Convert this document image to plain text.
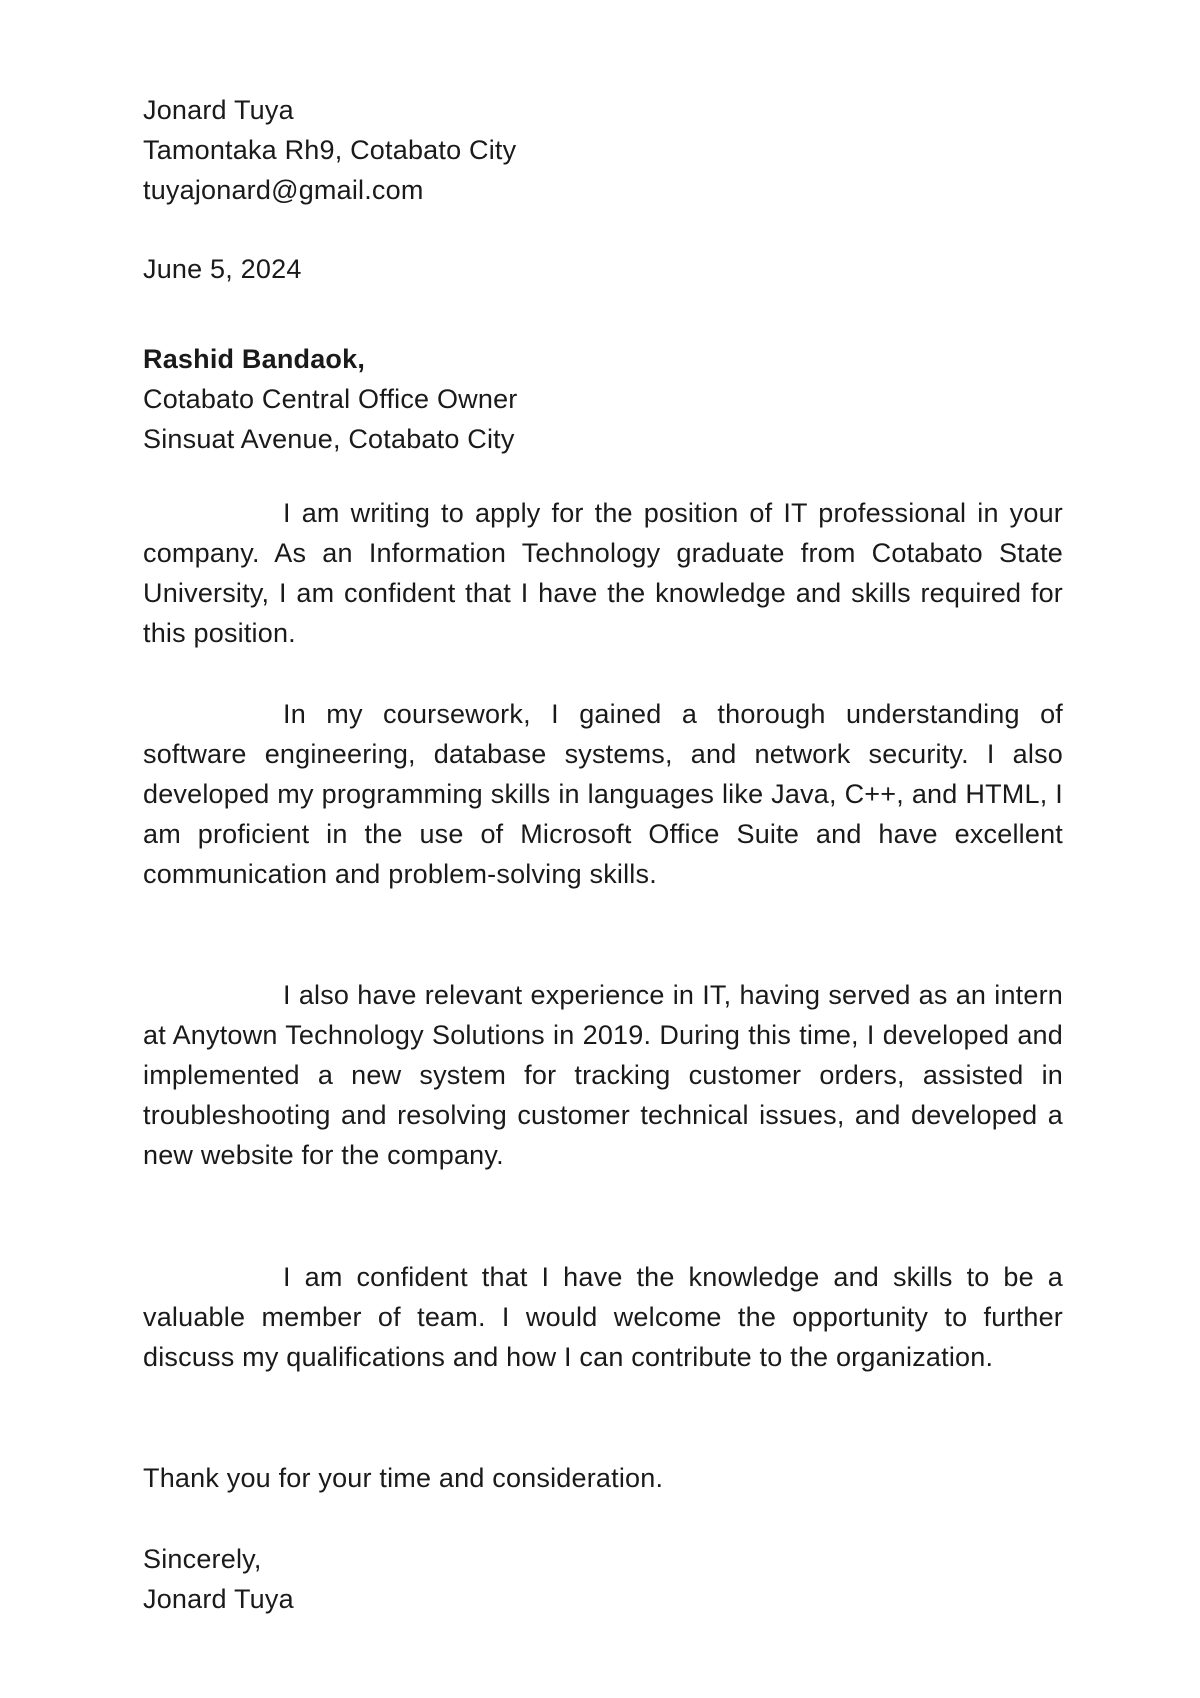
Jonard Tuya
Tamontaka Rh9, Cotabato City
tuyajonard@gmail.com
June 5, 2024
Rashid Bandaok,
Cotabato Central Office Owner
Sinsuat Avenue, Cotabato City
I am writing to apply for the position of IT professional in your company. As an Information Technology graduate from Cotabato State University, I am confident that I have the knowledge and skills required for this position.
In my coursework, I gained a thorough understanding of software engineering, database systems, and network security. I also developed my programming skills in languages like Java, C++, and HTML, I am proficient in the use of Microsoft Office Suite and have excellent communication and problem-solving skills.
I also have relevant experience in IT, having served as an intern at Anytown Technology Solutions in 2019. During this time, I developed and implemented a new system for tracking customer orders, assisted in troubleshooting and resolving customer technical issues, and developed a new website for the company.
I am confident that I have the knowledge and skills to be a valuable member of team. I would welcome the opportunity to further discuss my qualifications and how I can contribute to the organization.
Thank you for your time and consideration.
Sincerely,
Jonard Tuya
